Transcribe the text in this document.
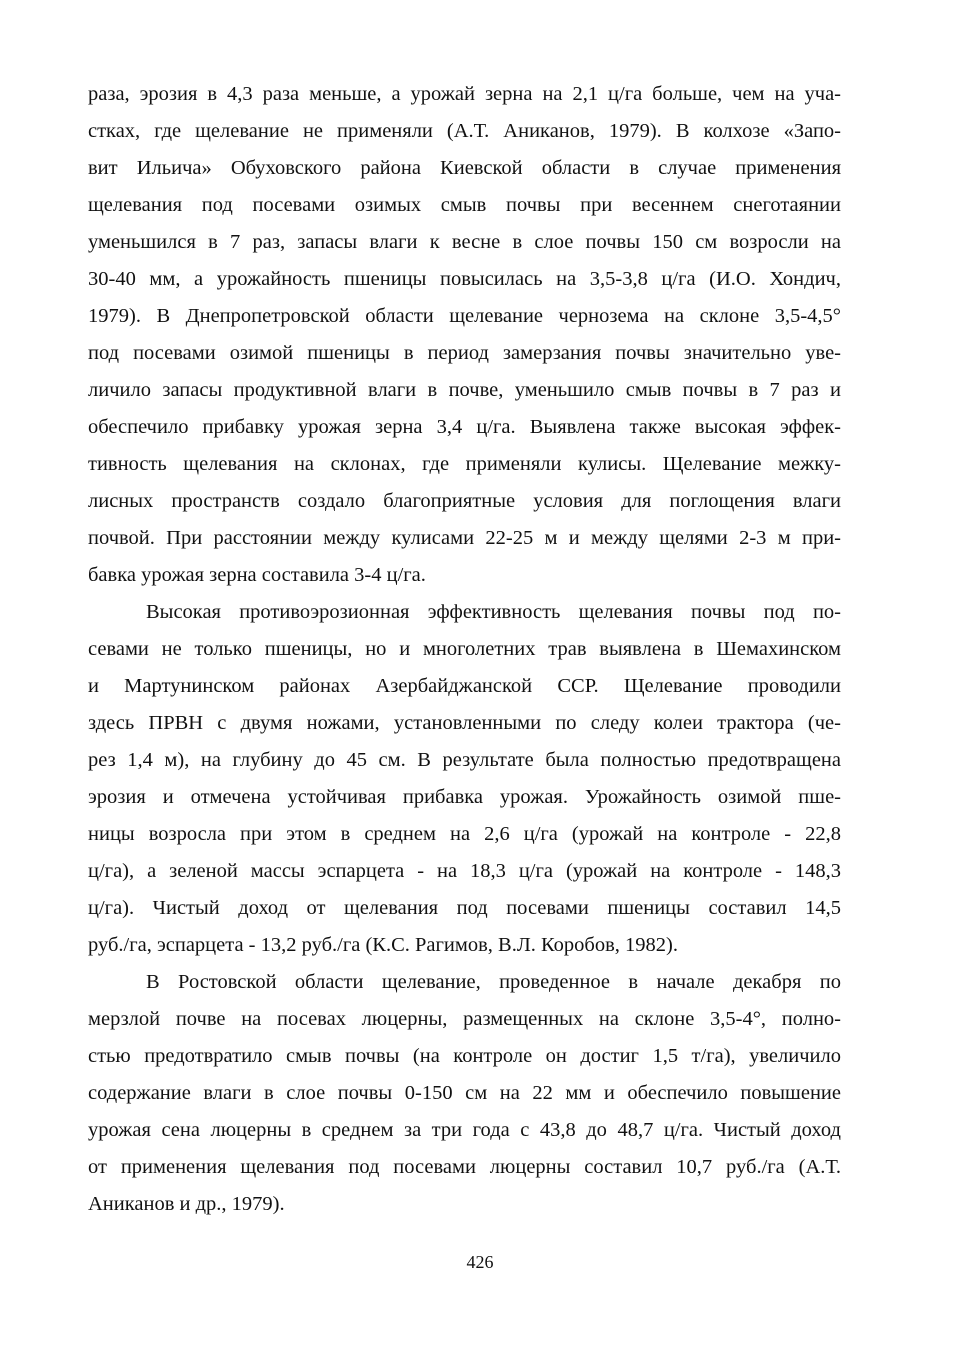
раза, эрозия в 4,3 раза меньше, а урожай зерна на 2,1 ц/га больше, чем на уча-
стках, где щелевание не применяли (А.Т. Аниканов, 1979). В колхозе «Запо-
вит Ильича» Обуховского района Киевской области в случае применения
щелевания под посевами озимых смыв почвы при весеннем снеготаянии
уменьшился в 7 раз, запасы влаги к весне в слое почвы 150 см возросли на
30-40 мм, а урожайность пшеницы повысилась на 3,5-3,8 ц/га (И.О. Хондич,
1979). В Днепропетровской области щелевание чернозема на склоне 3,5-4,5°
под посевами озимой пшеницы в период замерзания почвы значительно уве-
личило запасы продуктивной влаги в почве, уменьшило смыв почвы в 7 раз и
обеспечило прибавку урожая зерна 3,4 ц/га. Выявлена также высокая эффек-
тивность щелевания на склонах, где применяли кулисы. Щелевание межку-
лисных пространств создало благоприятные условия для поглощения влаги
почвой. При расстоянии между кулисами 22-25 м и между щелями 2-3 м при-
бавка урожая зерна составила 3-4 ц/га.
Высокая противоэрозионная эффективность щелевания почвы под по-
севами не только пшеницы, но и многолетних трав выявлена в Шемахинском
и Мартунинском районах Азербайджанской ССР. Щелевание проводили
здесь ПРВН с двумя ножами, установленными по следу колеи трактора (че-
рез 1,4 м), на глубину до 45 см. В результате была полностью предотвращена
эрозия и отмечена устойчивая прибавка урожая. Урожайность озимой пше-
ницы возросла при этом в среднем на 2,6 ц/га (урожай на контроле - 22,8
ц/га), а зеленой массы эспарцета - на 18,3 ц/га (урожай на контроле - 148,3
ц/га). Чистый доход от щелевания под посевами пшеницы составил 14,5
руб./га, эспарцета - 13,2 руб./га (К.С. Рагимов, В.Л. Коробов, 1982).
В Ростовской области щелевание, проведенное в начале декабря по
мерзлой почве на посевах люцерны, размещенных на склоне 3,5-4°, полно-
стью предотвратило смыв почвы (на контроле он достиг 1,5 т/га), увеличило
содержание влаги в слое почвы 0-150 см на 22 мм и обеспечило повышение
урожая сена люцерны в среднем за три года с 43,8 до 48,7 ц/га. Чистый доход
от применения щелевания под посевами люцерны составил 10,7 руб./га (А.Т.
Аниканов и др., 1979).
426
